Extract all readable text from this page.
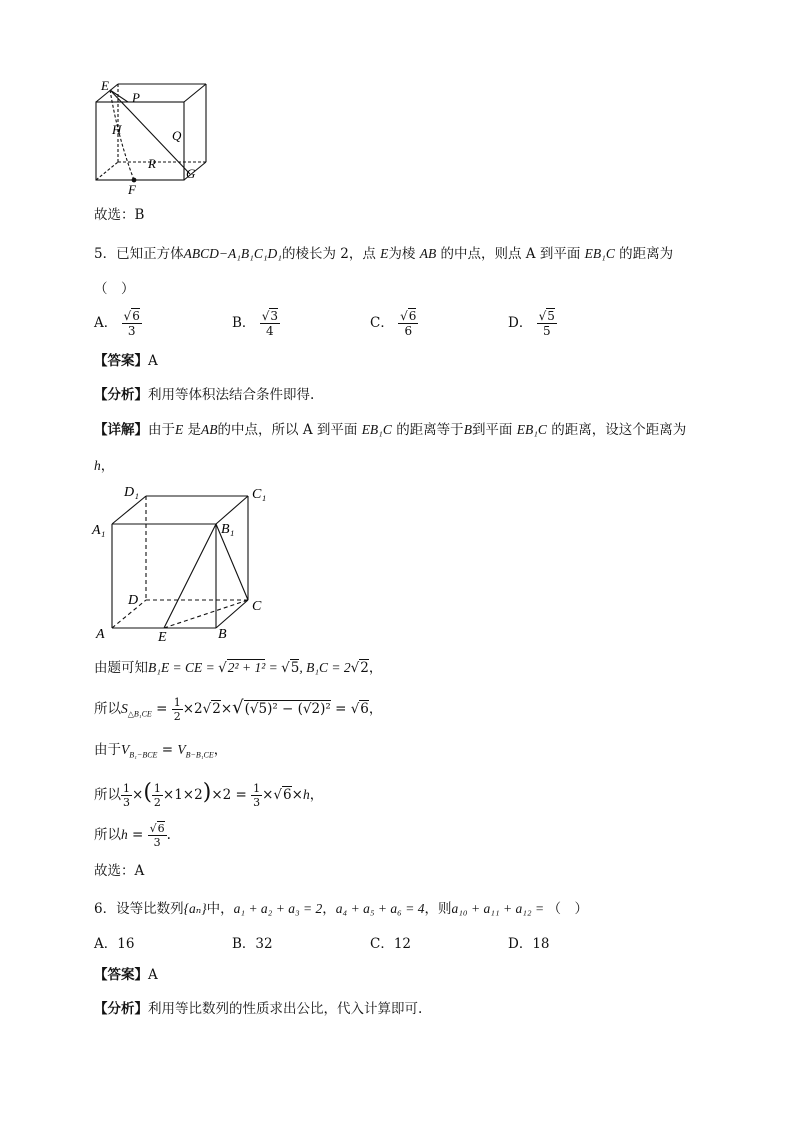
E
P
H	Q
R
F
G
故选：B
5．已知正方体ABCD−A₁B₁C₁D₁的棱长为 2，点 E为棱 AB 的中点，则点 A 到平面 EB₁C 的距离为
（　）
A． $\frac{√6}{3}$	B． $\frac{√3}{4}$	C． $\frac{√6}{6}$	D． $\frac{√5}{5}$
【答案】A
【分析】利用等体积法结合条件即得.
【详解】由于E 是AB的中点，所以 A 到平面 EB₁C 的距离等于B到平面 EB₁C 的距离，设这个距离为
h，
D₁	C₁
A₁	B₁
D	C
A	E	B
由题可知B₁E = CE = √2² + 1² = √5, B₁C = 2√2，
所以$S_{\triangle B_1CE} = \frac{1}{2} \times 2√2\times√(√5)^2 - (√2)^2 = √6$，
由于$V_{B_1-BCE} = V_{B-B_1CE}$，
所以 $\frac{1}{3}$ ×( $\frac{1}{2} \times 1\times 2)\times 2 = \frac{1}{3} \times√6\times h$，
所以$h = \frac{√6}{3}$ .
故选：A
6．设等比数列{aₙ}中，a₁ + a₂ + a₃ = 2，a₄ + a₅ + a₆ = 4，则a₁₀ + a₁₁ + a₁₂ = （　）
A．16	B．32	C．12	D．18
【答案】A
【分析】利用等比数列的性质求出公比，代入计算即可.
